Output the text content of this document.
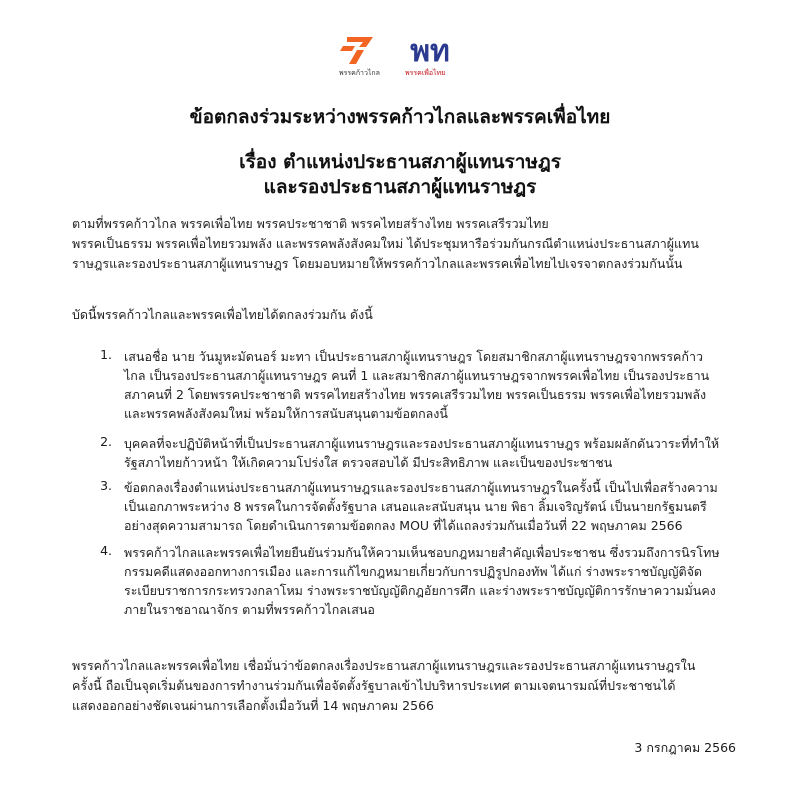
พรรคก้าวไกล
พท
พรรคเพื่อไทย
ข้อตกลงร่วมระหว่างพรรคก้าวไกลและพรรคเพื่อไทย
เรื่อง ตำแหน่งประธานสภาผู้แทนราษฎร
และรองประธานสภาผู้แทนราษฎร
ตามที่พรรคก้าวไกล พรรคเพื่อไทย พรรคประชาชาติ พรรคไทยสร้างไทย พรรคเสรีรวมไทย
พรรคเป็นธรรม พรรคเพื่อไทยรวมพลัง และพรรคพลังสังคมใหม่ ได้ประชุมหารือร่วมกันกรณีตำแหน่งประธานสภาผู้แทน
ราษฎรและรองประธานสภาผู้แทนราษฎร โดยมอบหมายให้พรรคก้าวไกลและพรรคเพื่อไทยไปเจรจาตกลงร่วมกันนั้น
บัดนี้พรรคก้าวไกลและพรรคเพื่อไทยได้ตกลงร่วมกัน ดังนี้
1. เสนอชื่อ นาย วันมูหะมัดนอร์ มะทา เป็นประธานสภาผู้แทนราษฎร โดยสมาชิกสภาผู้แทนราษฎรจากพรรคก้าว
ไกล เป็นรองประธานสภาผู้แทนราษฎร คนที่ 1 และสมาชิกสภาผู้แทนราษฎรจากพรรคเพื่อไทย เป็นรองประธาน
สภาคนที่ 2 โดยพรรคประชาชาติ พรรคไทยสร้างไทย พรรคเสรีรวมไทย พรรคเป็นธรรม พรรคเพื่อไทยรวมพลัง
และพรรคพลังสังคมใหม่ พร้อมให้การสนับสนุนตามข้อตกลงนี้
2. บุคคลที่จะปฏิบัติหน้าที่เป็นประธานสภาผู้แทนราษฎรและรองประธานสภาผู้แทนราษฎร พร้อมผลักดันวาระที่ทำให้
รัฐสภาไทยก้าวหน้า ให้เกิดความโปร่งใส ตรวจสอบได้ มีประสิทธิภาพ และเป็นของประชาชน
3. ข้อตกลงเรื่องตำแหน่งประธานสภาผู้แทนราษฎรและรองประธานสภาผู้แทนราษฎรในครั้งนี้ เป็นไปเพื่อสร้างความ
เป็นเอกภาพระหว่าง 8 พรรคในการจัดตั้งรัฐบาล เสนอและสนับสนุน นาย พิธา ลิ้มเจริญรัตน์ เป็นนายกรัฐมนตรี
อย่างสุดความสามารถ โดยดำเนินการตามข้อตกลง MOU ที่ได้แถลงร่วมกันเมื่อวันที่ 22 พฤษภาคม 2566
4. พรรคก้าวไกลและพรรคเพื่อไทยยืนยันร่วมกันให้ความเห็นชอบกฎหมายสำคัญเพื่อประชาชน ซึ่งรวมถึงการนิรโทษ
กรรมคดีแสดงออกทางการเมือง และการแก้ไขกฎหมายเกี่ยวกับการปฏิรูปกองทัพ ได้แก่ ร่างพระราชบัญญัติจัด
ระเบียบราชการกระทรวงกลาโหม ร่างพระราชบัญญัติกฎอัยการศึก และร่างพระราชบัญญัติการรักษาความมั่นคง
ภายในราชอาณาจักร ตามที่พรรคก้าวไกลเสนอ
พรรคก้าวไกลและพรรคเพื่อไทย เชื่อมั่นว่าข้อตกลงเรื่องประธานสภาผู้แทนราษฎรและรองประธานสภาผู้แทนราษฎรใน
ครั้งนี้ ถือเป็นจุดเริ่มต้นของการทำงานร่วมกันเพื่อจัดตั้งรัฐบาลเข้าไปบริหารประเทศ ตามเจตนารมณ์ที่ประชาชนได้
แสดงออกอย่างชัดเจนผ่านการเลือกตั้งเมื่อวันที่ 14 พฤษภาคม 2566
3 กรกฎาคม 2566
